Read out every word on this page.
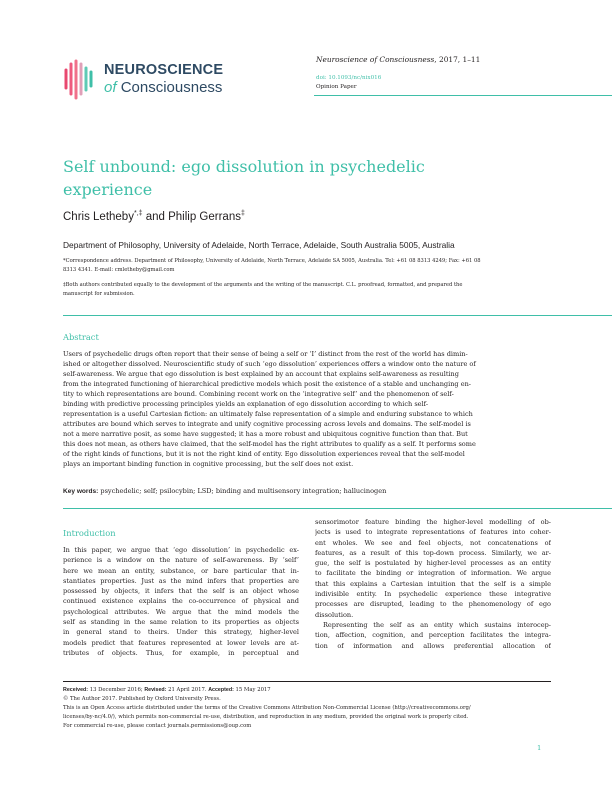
NEUROSCIENCE
of Consciousness
Neuroscience of Consciousness, 2017, 1–11
doi: 10.1093/nc/nix016
Opinion Paper
Self unbound: ego dissolution in psychedelic
experience
Chris Letheby*,‡ and Philip Gerrans‡
Department of Philosophy, University of Adelaide, North Terrace, Adelaide, South Australia 5005, Australia
*Correspondence address. Department of Philosophy, University of Adelaide, North Terrace, Adelaide SA 5005, Australia. Tel: +61 08 8313 4249; Fax: +61 08
8313 4341. E-mail: cmletheby@gmail.com
‡Both authors contributed equally to the development of the arguments and the writing of the manuscript. C.L. proofread, formatted, and prepared the
manuscript for submission.
Abstract
Users of psychedelic drugs often report that their sense of being a self or ‘I’ distinct from the rest of the world has dimin-
ished or altogether dissolved. Neuroscientific study of such ‘ego dissolution’ experiences offers a window onto the nature of
self-awareness. We argue that ego dissolution is best explained by an account that explains self-awareness as resulting
from the integrated functioning of hierarchical predictive models which posit the existence of a stable and unchanging en-
tity to which representations are bound. Combining recent work on the ‘integrative self’ and the phenomenon of self-
binding with predictive processing principles yields an explanation of ego dissolution according to which self-
representation is a useful Cartesian fiction: an ultimately false representation of a simple and enduring substance to which
attributes are bound which serves to integrate and unify cognitive processing across levels and domains. The self-model is
not a mere narrative posit, as some have suggested; it has a more robust and ubiquitous cognitive function than that. But
this does not mean, as others have claimed, that the self-model has the right attributes to qualify as a self. It performs some
of the right kinds of functions, but it is not the right kind of entity. Ego dissolution experiences reveal that the self-model
plays an important binding function in cognitive processing, but the self does not exist.
Key words: psychedelic; self; psilocybin; LSD; binding and multisensory integration; hallucinogen
Introduction
In this paper, we argue that ‘ego dissolution’ in psychedelic ex-
perience is a window on the nature of self-awareness. By ‘self’
here we mean an entity, substance, or bare particular that in-
stantiates properties. Just as the mind infers that properties are
possessed by objects, it infers that the self is an object whose
continued existence explains the co-occurrence of physical and
psychological attributes. We argue that the mind models the
self as standing in the same relation to its properties as objects
in general stand to theirs. Under this strategy, higher-level
models predict that features represented at lower levels are at-
tributes of objects. Thus, for example, in perceptual and
sensorimotor feature binding the higher-level modelling of ob-
jects is used to integrate representations of features into coher-
ent wholes. We see and feel objects, not concatenations of
features, as a result of this top-down process. Similarly, we ar-
gue, the self is postulated by higher-level processes as an entity
to facilitate the binding or integration of information. We argue
that this explains a Cartesian intuition that the self is a simple
indivisible entity. In psychedelic experience these integrative
processes are disrupted, leading to the phenomenology of ego
dissolution.
Representing the self as an entity which sustains interocep-
tion, affection, cognition, and perception facilitates the integra-
tion of information and allows preferential allocation of
Received: 13 December 2016; Revised: 21 April 2017. Accepted: 15 May 2017
© The Author 2017. Published by Oxford University Press.
This is an Open Access article distributed under the terms of the Creative Commons Attribution Non-Commercial License (http://creativecommons.org/
licenses/by-nc/4.0/), which permits non-commercial re-use, distribution, and reproduction in any medium, provided the original work is properly cited.
For commercial re-use, please contact journals.permissions@oup.com
1
